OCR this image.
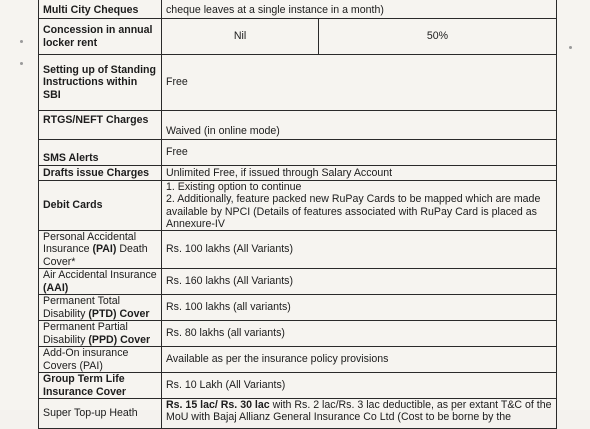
Multi City Cheques	cheque leaves at a single instance in a month)	
Concession in annual locker rent	Nil	50%
Setting up of Standing Instructions within SBI	Free	
RTGS/NEFT Charges	Waived (in online mode)	
SMS Alerts	Free	
Drafts issue Charges	Unlimited Free, if issued through Salary Account	
Debit Cards	1. Existing option to continue
2. Additionally, feature packed new RuPay Cards to be mapped which are made available by NPCI (Details of features associated with RuPay Card is placed as Annexure-IV	

Personal Accidental Insurance (PAI) Death Cover*	Rs. 100 lakhs (All Variants)	
Air Accidental Insurance (AAI)	Rs. 160 lakhs (All Variants)	
Permanent Total Disability (PTD) Cover	Rs. 100 lakhs (all variants)	
Permanent Partial Disability (PPD) Cover	Rs. 80 lakhs (all variants)	
Add-On insurance Covers (PAI)	Available as per the insurance policy provisions	
Group Term Life Insurance Cover	Rs. 10 Lakh (All Variants)	
Super Top-up Heath	Rs. 15 lac/ Rs. 30 lac with Rs. 2 lac/Rs. 3 lac deductible, as per extant T&C of the MoU with Bajaj Allianz General Insurance Co Ltd (Cost to be borne by the	
